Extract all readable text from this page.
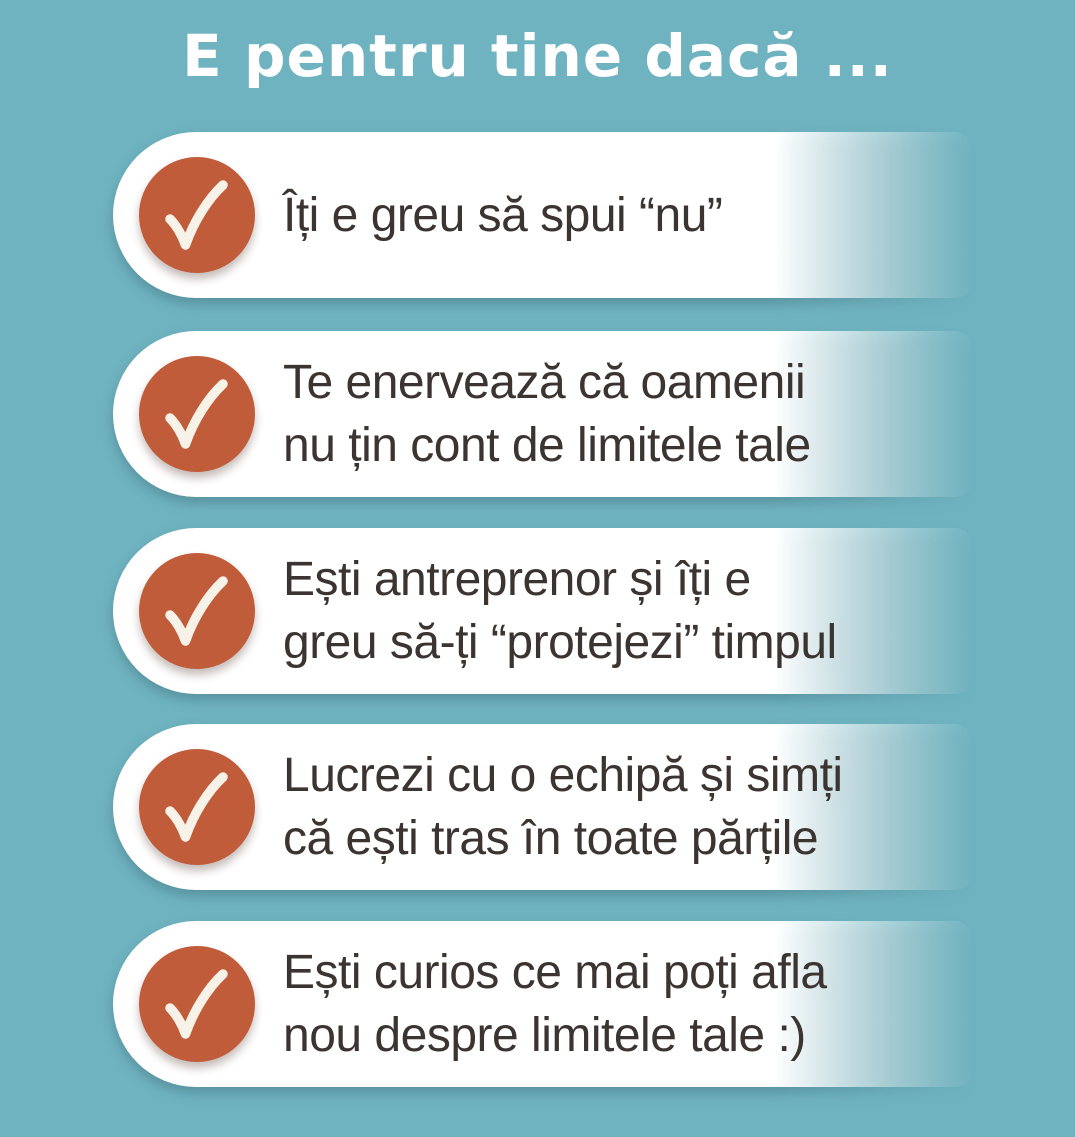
E pentru tine dacă ...
Îți e greu să spui “nu”
Te enervează că oamenii
nu țin cont de limitele tale
Ești antreprenor și îți e
greu să-ți “protejezi” timpul
Lucrezi cu o echipă și simți
că ești tras în toate părțile
Ești curios ce mai poți afla
nou despre limitele tale :)
